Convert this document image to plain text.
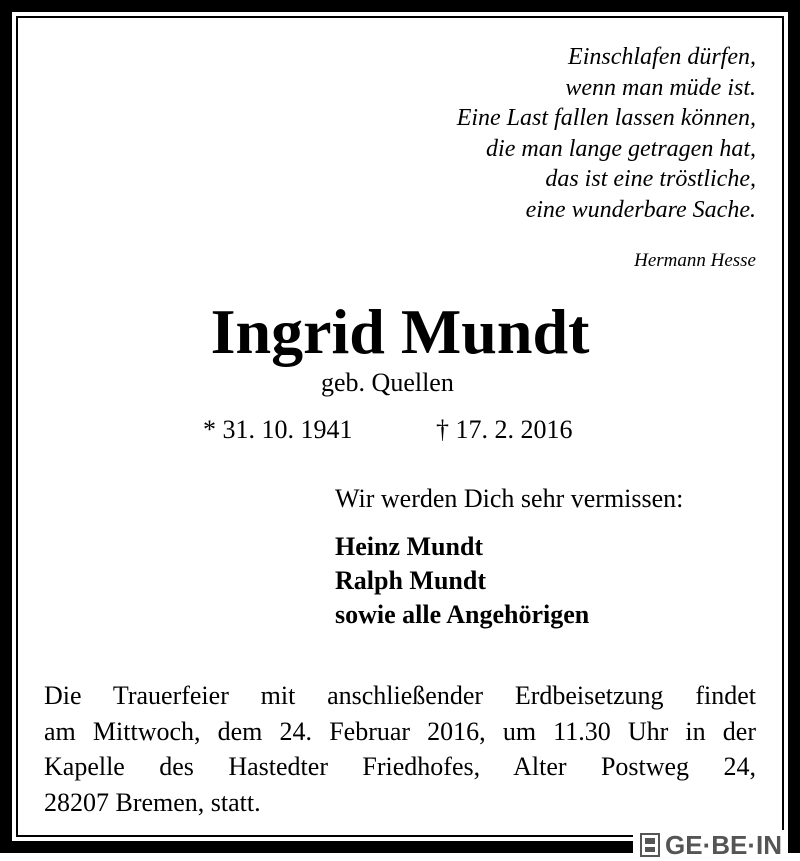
Einschlafen dürfen,
wenn man müde ist.
Eine Last fallen lassen können,
die man lange getragen hat,
das ist eine tröstliche,
eine wunderbare Sache.
Hermann Hesse
Ingrid Mundt
geb. Quellen
* 31. 10. 1941	† 17. 2. 2016
Wir werden Dich sehr vermissen:
Heinz Mundt
Ralph Mundt
sowie alle Angehörigen
Die Trauerfeier mit anschließender Erdbeisetzung findet
am Mittwoch, dem 24. Februar 2016, um 11.30 Uhr in der
Kapelle des Hastedter Friedhofes, Alter Postweg 24,
28207 Bremen, statt.
GE·BE·IN
